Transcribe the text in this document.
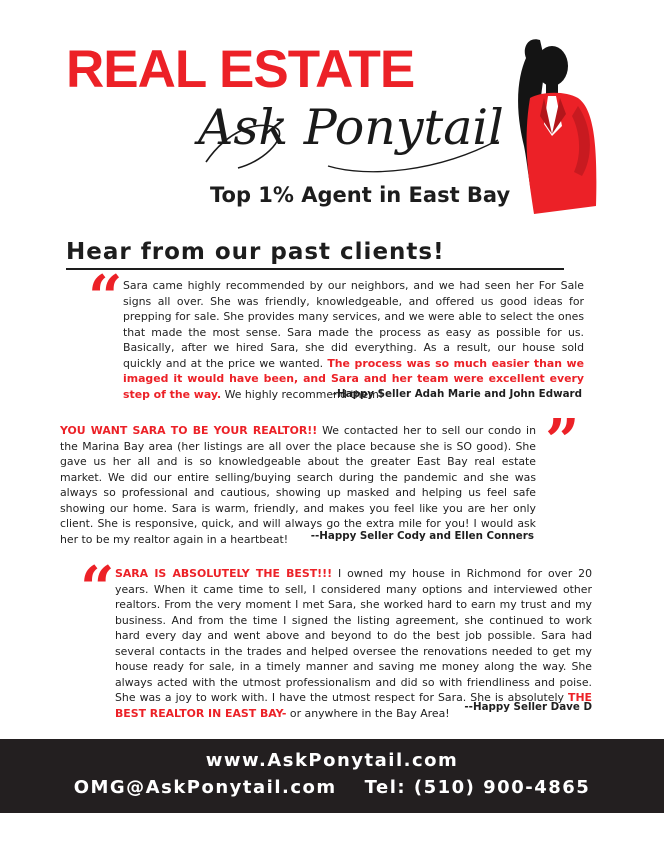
REAL ESTATE
Ask Ponytail
Top 1% Agent in East Bay
Hear from our past clients!
“ Sara came highly recommended by our neighbors, and we had seen her For Sale signs all over. She was friendly, knowledgeable, and offered us good ideas for prepping for sale. She provides many services, and we were able to select the ones that made the most sense. Sara made the process as easy as possible for us. Basically, after we hired Sara, she did everything. As a result, our house sold quickly and at the price we wanted. The process was so much easier than we imaged it would have been, and Sara and her team were excellent every step of the way. We highly recommend them!

-Happy Seller Adah Marie and John Edward
”

YOU WANT SARA TO BE YOUR REALTOR!! We contacted her to sell our condo in the Marina Bay area (her listings are all over the place because she is SO good). She gave us her all and is so knowledgeable about the greater East Bay real estate market. We did our entire selling/buying search during the pandemic and she was always so professional and cautious, showing up masked and helping us feel safe showing our home. Sara is warm, friendly, and makes you feel like you are her only client. She is responsive, quick, and will always go the extra mile for you! I would ask her to be my realtor again in a heartbeat!	--Happy Seller Cody and Ellen Conners
“ SARA IS ABSOLUTELY THE BEST!!! I owned my house in Richmond for over 20 years. When it came time to sell, I considered many options and interviewed other realtors. From the very moment I met Sara, she worked hard to earn my trust and my business. And from the time I signed the listing agreement, she continued to work hard every day and went above and beyond to do the best job possible. Sara had several contacts in the trades and helped oversee the renovations needed to get my house ready for sale, in a timely manner and saving me money along the way. She always acted with the utmost professionalism and did so with friendliness and poise. She was a joy to work with. I have the utmost respect for Sara. She is absolutely THE BEST REALTOR IN EAST BAY- or anywhere in the Bay Area!	--Happy Seller Dave D
www.AskPonytail.com
OMG@AskPonytail.com Tel: (510) 900-4865
